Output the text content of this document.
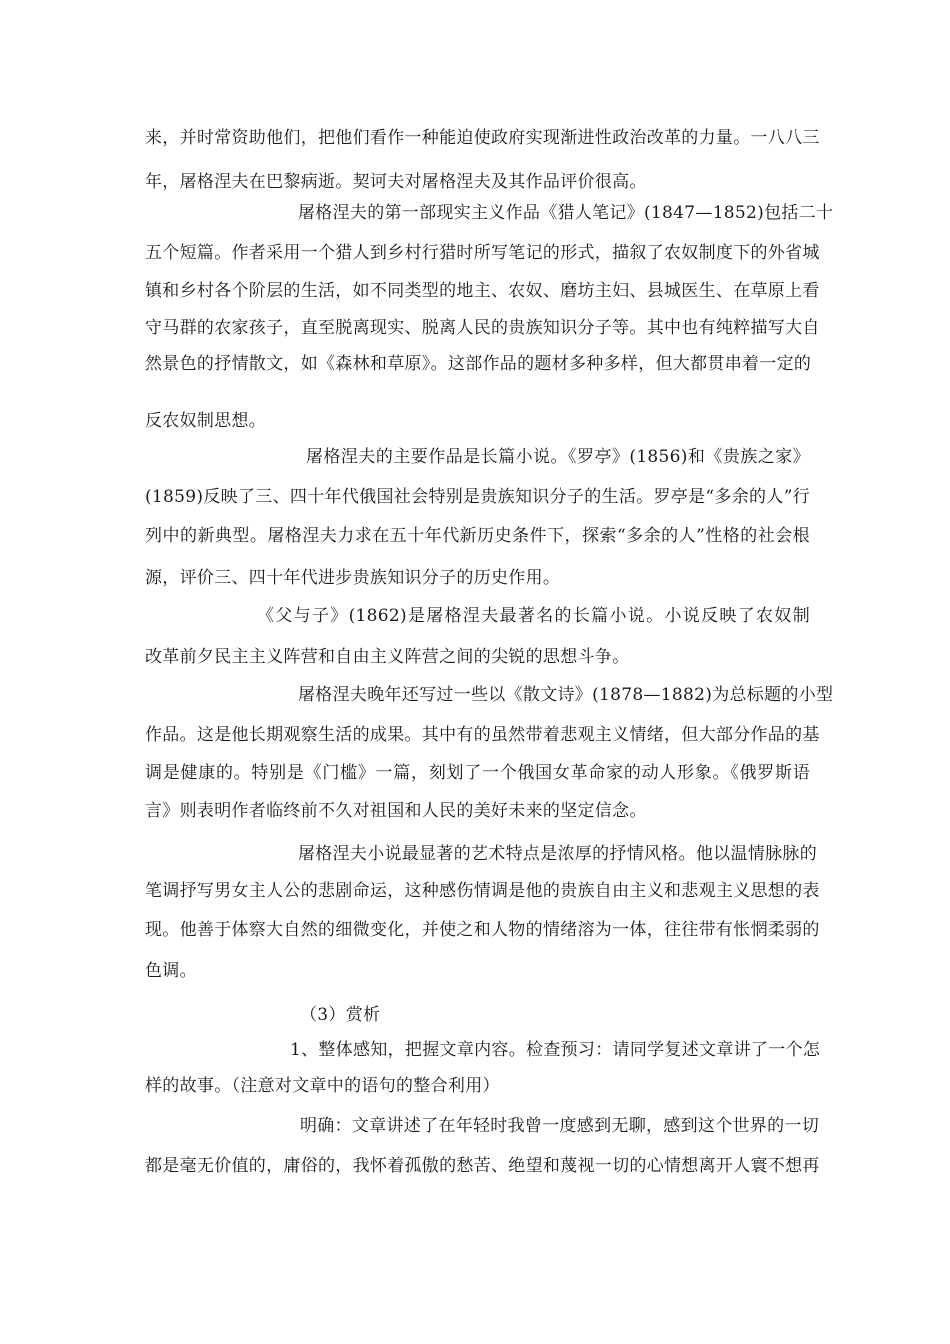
来，并时常资助他们，把他们看作一种能迫使政府实现渐进性政治改革的力量。一八八三
年，屠格涅夫在巴黎病逝。契诃夫对屠格涅夫及其作品评价很高。
屠格涅夫的第一部现实主义作品《猎人笔记》(1847—1852)包括二十
五个短篇。作者采用一个猎人到乡村行猎时所写笔记的形式，描叙了农奴制度下的外省城
镇和乡村各个阶层的生活，如不同类型的地主、农奴、磨坊主妇、县城医生、在草原上看
守马群的农家孩子，直至脱离现实、脱离人民的贵族知识分子等。其中也有纯粹描写大自
然景色的抒情散文，如《森林和草原》。这部作品的题材多种多样，但大都贯串着一定的
反农奴制思想。
屠格涅夫的主要作品是长篇小说。《罗亭》(1856)和《贵族之家》
(1859)反映了三、四十年代俄国社会特别是贵族知识分子的生活。罗亭是“多余的人”行
列中的新典型。屠格涅夫力求在五十年代新历史条件下，探索“多余的人”性格的社会根
源，评价三、四十年代进步贵族知识分子的历史作用。
《父与子》(1862)是屠格涅夫最著名的长篇小说。小说反映了农奴制
改革前夕民主主义阵营和自由主义阵营之间的尖锐的思想斗争。
屠格涅夫晚年还写过一些以《散文诗》(1878—1882)为总标题的小型
作品。这是他长期观察生活的成果。其中有的虽然带着悲观主义情绪，但大部分作品的基
调是健康的。特别是《门槛》一篇，刻划了一个俄国女革命家的动人形象。《俄罗斯语
言》则表明作者临终前不久对祖国和人民的美好未来的坚定信念。
屠格涅夫小说最显著的艺术特点是浓厚的抒情风格。他以温情脉脉的
笔调抒写男女主人公的悲剧命运，这种感伤情调是他的贵族自由主义和悲观主义思想的表
现。他善于体察大自然的细微变化，并使之和人物的情绪溶为一体，往往带有怅惘柔弱的
色调。
（3）赏析
1、整体感知，把握文章内容。检查预习：请同学复述文章讲了一个怎
样的故事。（注意对文章中的语句的整合利用）
明确：文章讲述了在年轻时我曾一度感到无聊，感到这个世界的一切
都是毫无价值的，庸俗的，我怀着孤傲的愁苦、绝望和蔑视一切的心情想离开人寰不想再
